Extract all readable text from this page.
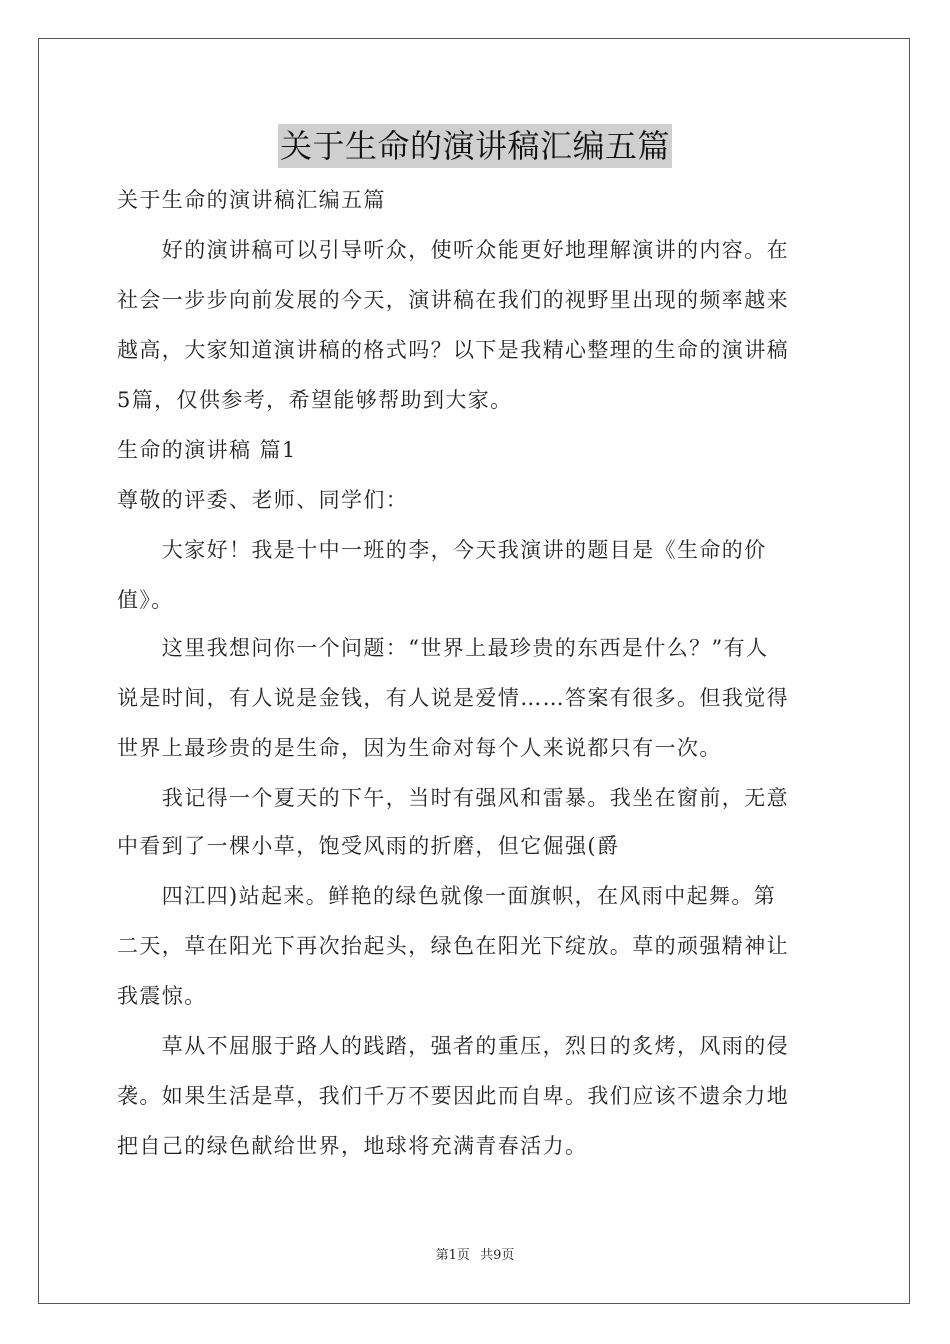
关于生命的演讲稿汇编五篇
关于生命的演讲稿汇编五篇
　　好的演讲稿可以引导听众，使听众能更好地理解演讲的内容。在
社会一步步向前发展的今天，演讲稿在我们的视野里出现的频率越来
越高，大家知道演讲稿的格式吗？以下是我精心整理的生命的演讲稿
5篇，仅供参考，希望能够帮助到大家。
生命的演讲稿 篇1
尊敬的评委、老师、同学们：
　　大家好！我是十中一班的李，今天我演讲的题目是《生命的价
值》。
　　这里我想问你一个问题：“世界上最珍贵的东西是什么？”有人
说是时间，有人说是金钱，有人说是爱情……答案有很多。但我觉得
世界上最珍贵的是生命，因为生命对每个人来说都只有一次。
　　我记得一个夏天的下午，当时有强风和雷暴。我坐在窗前，无意
中看到了一棵小草，饱受风雨的折磨，但它倔强(爵
　　四江四)站起来。鲜艳的绿色就像一面旗帜，在风雨中起舞。第
二天，草在阳光下再次抬起头，绿色在阳光下绽放。草的顽强精神让
我震惊。
　　草从不屈服于路人的践踏，强者的重压，烈日的炙烤，风雨的侵
袭。如果生活是草，我们千万不要因此而自卑。我们应该不遗余力地
把自己的绿色献给世界，地球将充满青春活力。
第1页 共9页
